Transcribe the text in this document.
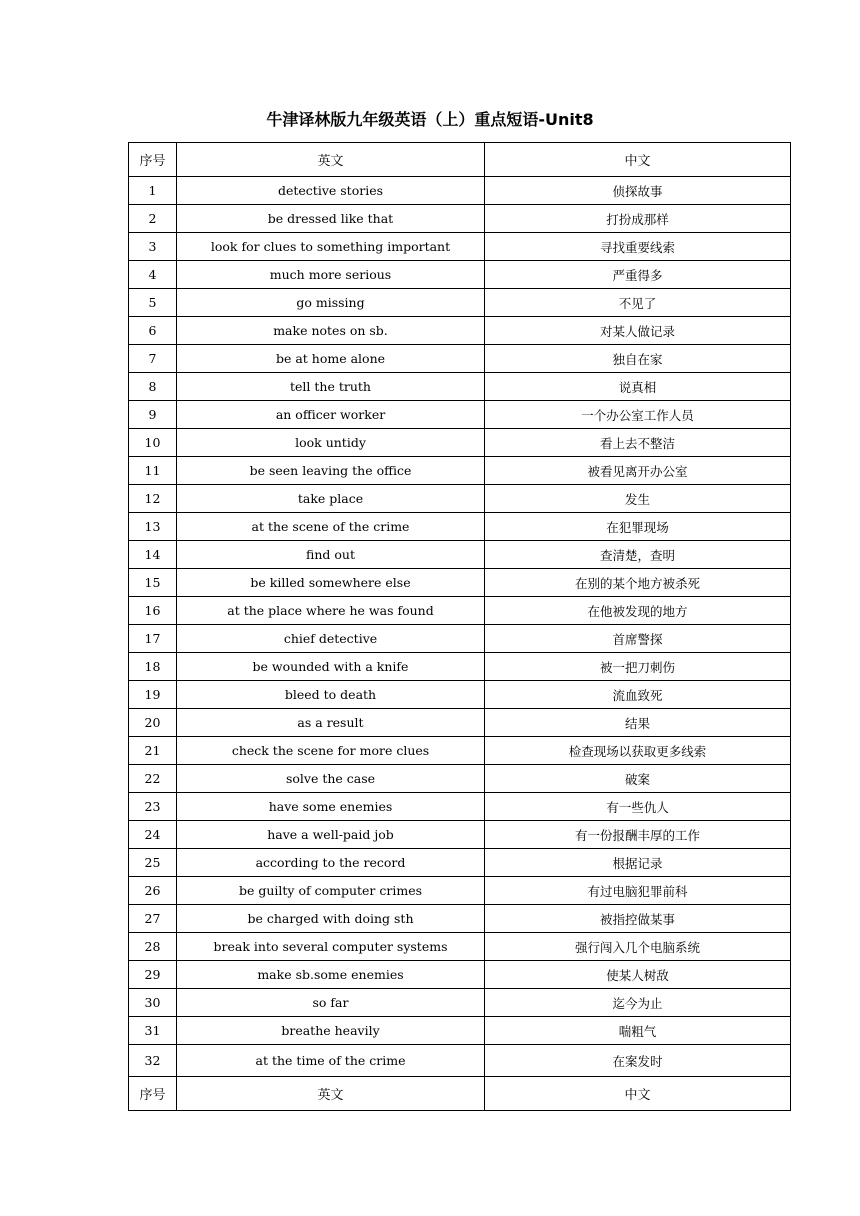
牛津译林版九年级英语（上）重点短语-Unit8
序号	英文	中文
1	detective stories	侦探故事
2	be dressed like that	打扮成那样
3	look for clues to something important	寻找重要线索
4	much more serious	严重得多
5	go missing	不见了
6	make notes on sb.	对某人做记录
7	be at home alone	独自在家
8	tell the truth	说真相
9	an officer worker	一个办公室工作人员
10	look untidy	看上去不整洁
11	be seen leaving the office	被看见离开办公室
12	take place	发生
13	at the scene of the crime	在犯罪现场
14	find out	查清楚，查明
15	be killed somewhere else	在别的某个地方被杀死
16	at the place where he was found	在他被发现的地方
17	chief detective	首席警探
18	be wounded with a knife	被一把刀刺伤
19	bleed to death	流血致死
20	as a result	结果
21	check the scene for more clues	检查现场以获取更多线索
22	solve the case	破案
23	have some enemies	有一些仇人
24	have a well-paid job	有一份报酬丰厚的工作
25	according to the record	根据记录
26	be guilty of computer crimes	有过电脑犯罪前科
27	be charged with doing sth	被指控做某事
28	break into several computer systems	强行闯入几个电脑系统
29	make sb.some enemies	使某人树敌
30	so far	迄今为止
31	breathe heavily	喘粗气
32	at the time of the crime	在案发时
序号	英文	中文
